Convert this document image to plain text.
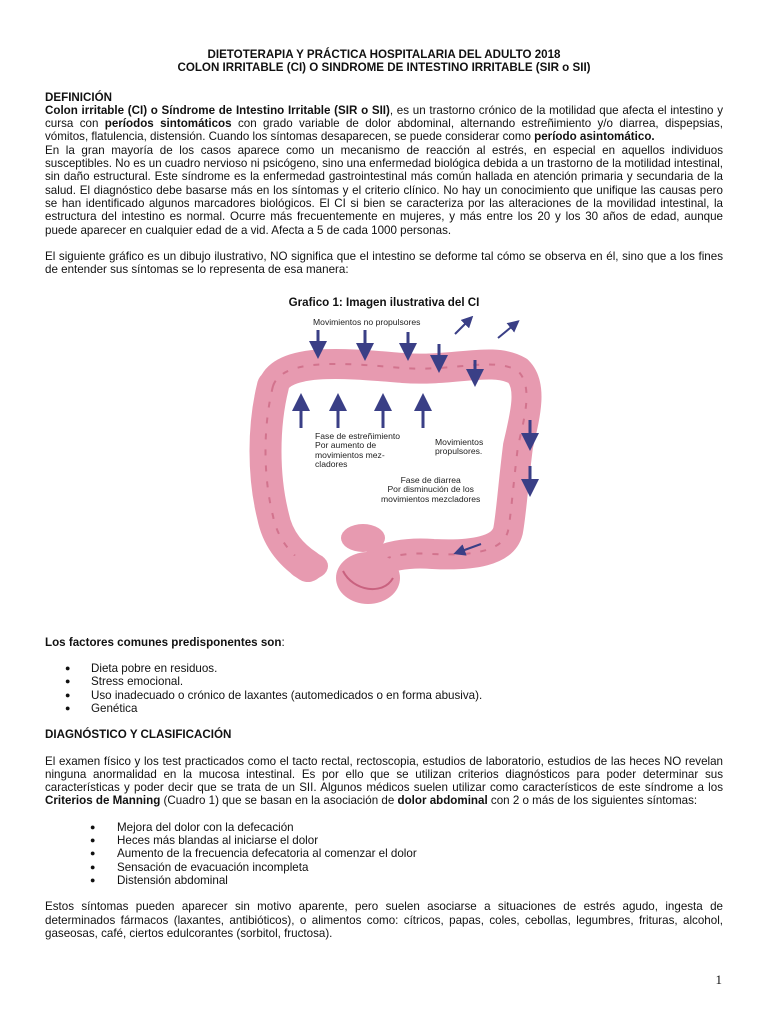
DIETOTERAPIA Y PRÁCTICA HOSPITALARIA DEL ADULTO 2018
COLON IRRITABLE (CI) O SINDROME DE INTESTINO IRRITABLE (SIR o SII)
DEFINICIÓN

Colon irritable (CI) o Síndrome de Intestino Irritable (SIR o SII), es un trastorno crónico de la motilidad que afecta el intestino y cursa con períodos sintomáticos con grado variable de dolor abdominal, alternando estreñimiento y/o diarrea, dispepsias, vómitos, flatulencia, distensión. Cuando los síntomas desaparecen, se puede considerar como período asintomático.

En la gran mayoría de los casos aparece como un mecanismo de reacción al estrés, en especial en aquellos individuos susceptibles. No es un cuadro nervioso ni psicógeno, sino una enfermedad biológica debida a un trastorno de la motilidad intestinal, sin daño estructural. Este síndrome es la enfermedad gastrointestinal más común hallada en atención primaria y secundaria de la salud. El diagnóstico debe basarse más en los síntomas y el criterio clínico. No hay un conocimiento que unifique las causas pero se han identificado algunos marcadores biológicos. El CI si bien se caracteriza por las alteraciones de la movilidad intestinal, la estructura del intestino es normal. Ocurre más frecuentemente en mujeres, y más entre los 20 y los 30 años de edad, aunque puede aparecer en cualquier edad de a vid. Afecta a 5 de cada 1000 personas.

El siguiente gráfico es un dibujo ilustrativo, NO significa que el intestino se deforme tal cómo se observa en él, sino que a los fines de entender sus síntomas se lo representa de esa manera:

Grafico 1: Imagen ilustrativa del CI
Movimientos no propulsores
Fase de estreñimiento
Por aumento de
movimientos mez-
cladores
Movimientos
propulsores.
Fase de diarrea
Por disminución de los
movimientos mezcladores
Los factores comunes predisponentes son:
● Dieta pobre en residuos.
● Stress emocional.
● Uso inadecuado o crónico de laxantes (automedicados o en forma abusiva).
● Genética
DIAGNÓSTICO Y CLASIFICACIÓN

El examen físico y los test practicados como el tacto rectal, rectoscopia, estudios de laboratorio, estudios de las heces NO revelan ninguna anormalidad en la mucosa intestinal. Es por ello que se utilizan criterios diagnósticos para poder determinar sus características y poder decir que se trata de un SII. Algunos médicos suelen utilizar como característicos de este síndrome a los Criterios de Manning (Cuadro 1) que se basan en la asociación de dolor abdominal con 2 o más de los siguientes síntomas:

● Mejora del dolor con la defecación
● Heces más blandas al iniciarse el dolor
● Aumento de la frecuencia defecatoria al comenzar el dolor
● Sensación de evacuación incompleta
● Distensión abdominal

Estos síntomas pueden aparecer sin motivo aparente, pero suelen asociarse a situaciones de estrés agudo, ingesta de determinados fármacos (laxantes, antibióticos), o alimentos como: cítricos, papas, coles, cebollas, legumbres, frituras, alcohol, gaseosas, café, ciertos edulcorantes (sorbitol, fructosa).

1
